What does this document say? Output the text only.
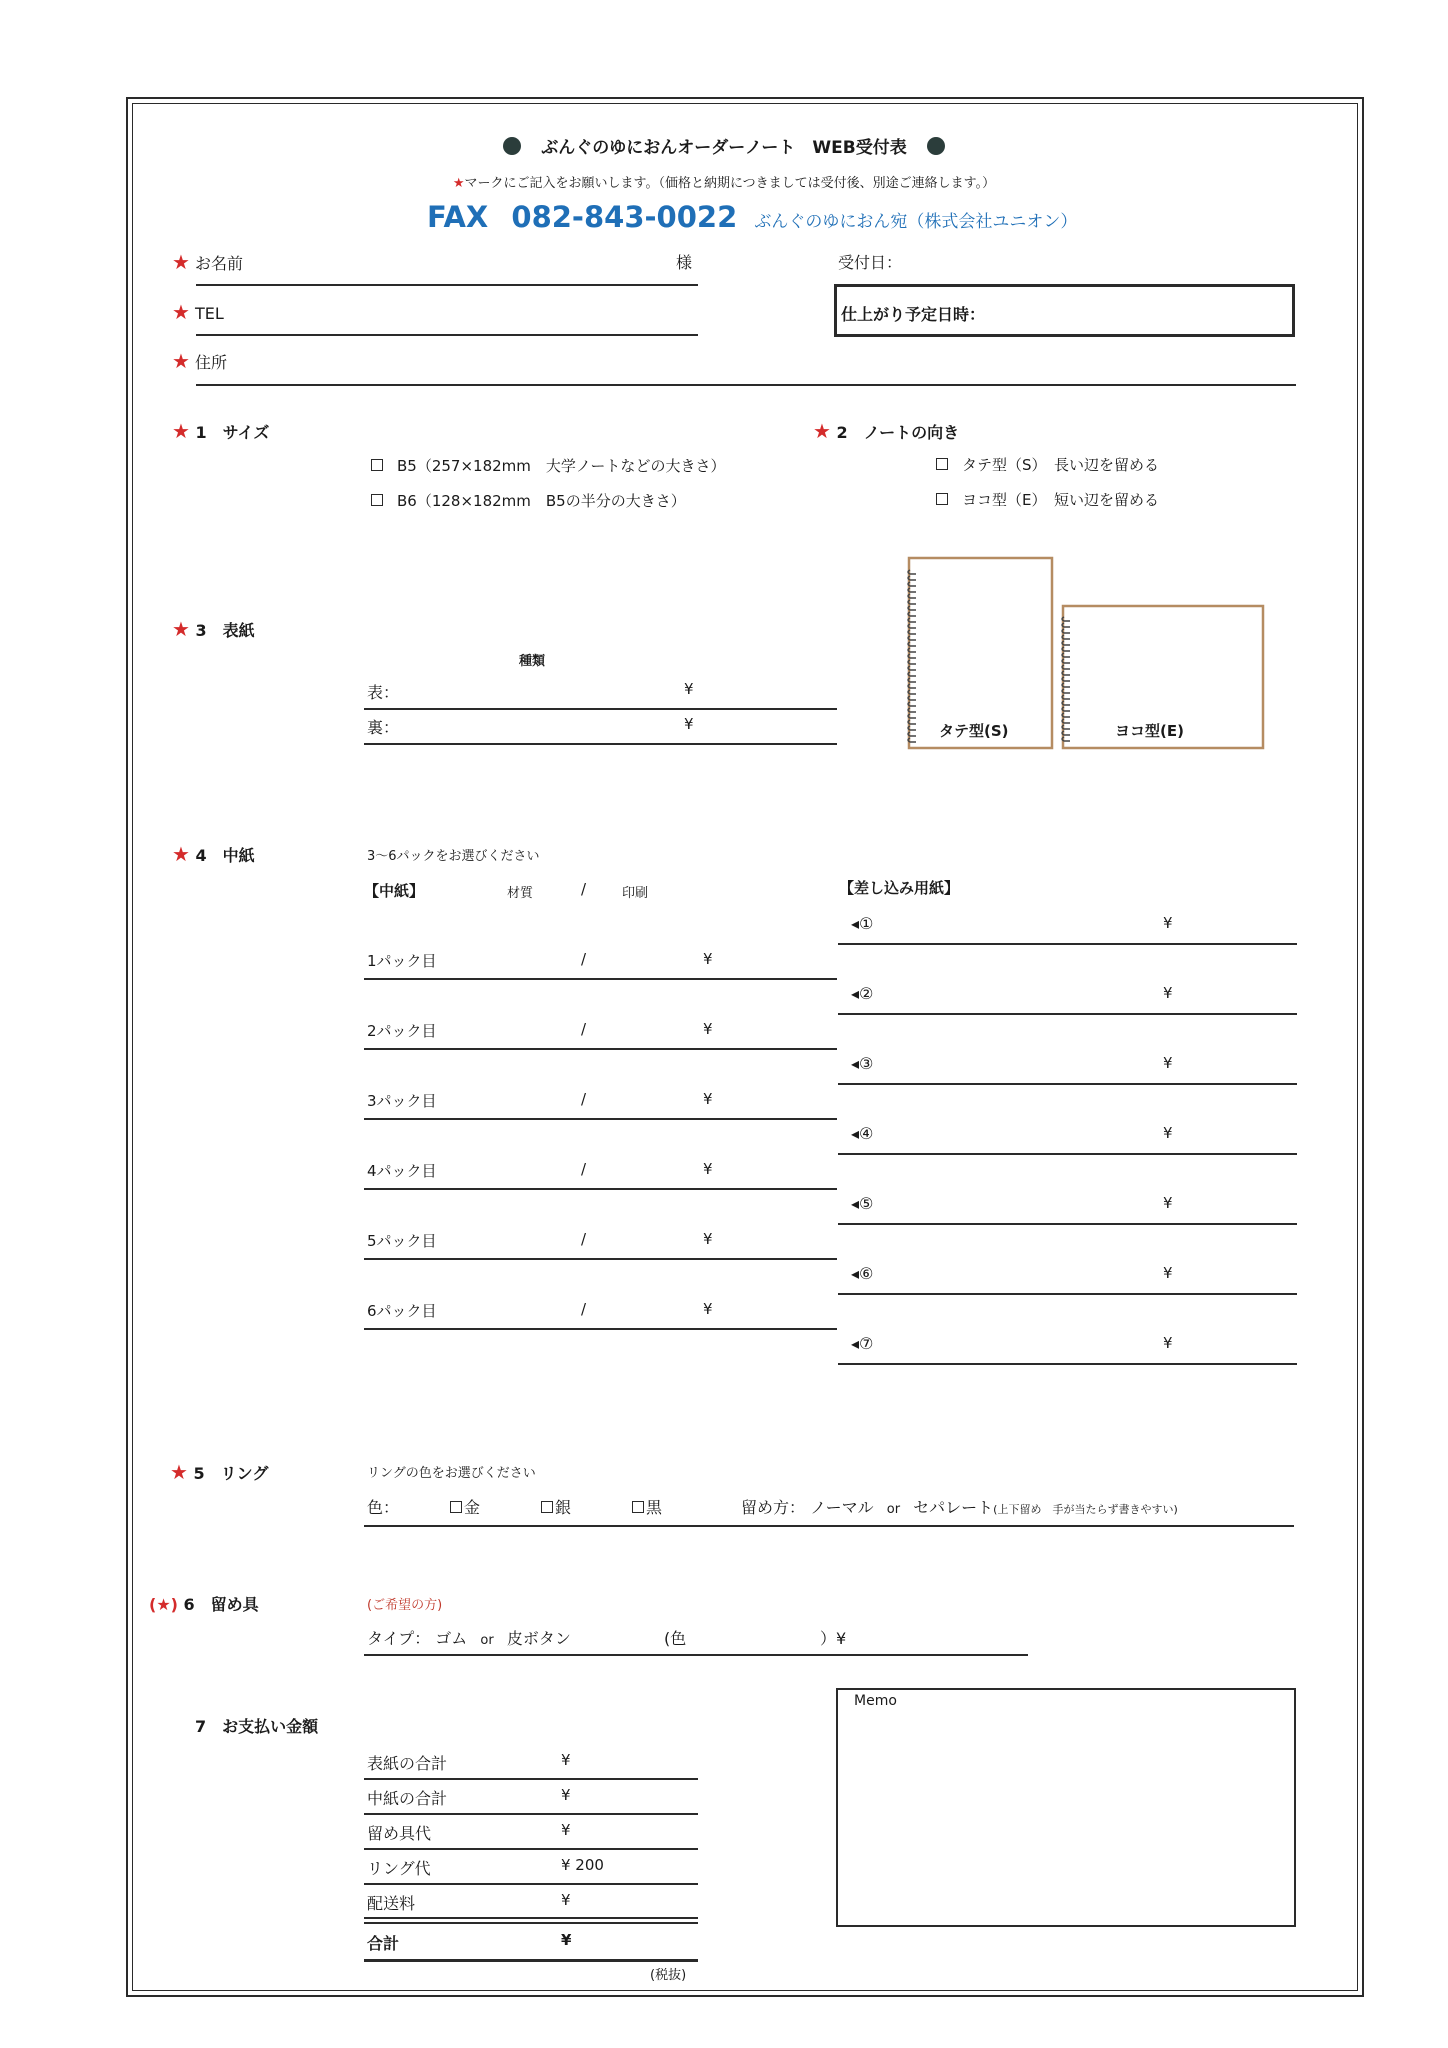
ぶんぐのゆにおんオーダーノート　WEB受付表
★マークにご記入をお願いします。（価格と納期につきましては受付後、別途ご連絡します。）
FAX 082-843-0022 ぶんぐのゆにおん宛（株式会社ユニオン）
★ お名前	様
★ TEL
★ 住所
受付日：
仕上がり予定日時：
★ 1　サイズ
B5（257×182mm　大学ノートなどの大きさ）
B6（128×182mm　B5の半分の大きさ）
★ 2　ノートの向き
タテ型（S）　長い辺を留める
ヨコ型（E）　短い辺を留める
タテ型(S)	ヨコ型(E)
★ 3　表紙
種類
表：	¥
裏：	¥
★ 4　中紙	3〜6パックをお選びください
【中紙】	材質	/	印刷
1パック目	/	¥
2パック目	/	¥
3パック目	/	¥
4パック目	/	¥
5パック目	/	¥
6パック目	/	¥
【差し込み用紙】
◂①	¥
◂②	¥
◂③	¥
◂④	¥
◂⑤	¥
◂⑥	¥
◂⑦	¥
★ 5　リング	リングの色をお選びください
色：	金	銀	黒	留め方： ノーマル or セパレート(上下留め　手が当たらず書きやすい)
(★) 6　留め具	(ご希望の方)
タイプ： ゴム or 皮ボタン	(色	）¥
7　お支払い金額
表紙の合計	¥
中紙の合計	¥
留め具代	¥
リング代	¥ 200
配送料	¥
合計	¥
(税抜)
Memo
